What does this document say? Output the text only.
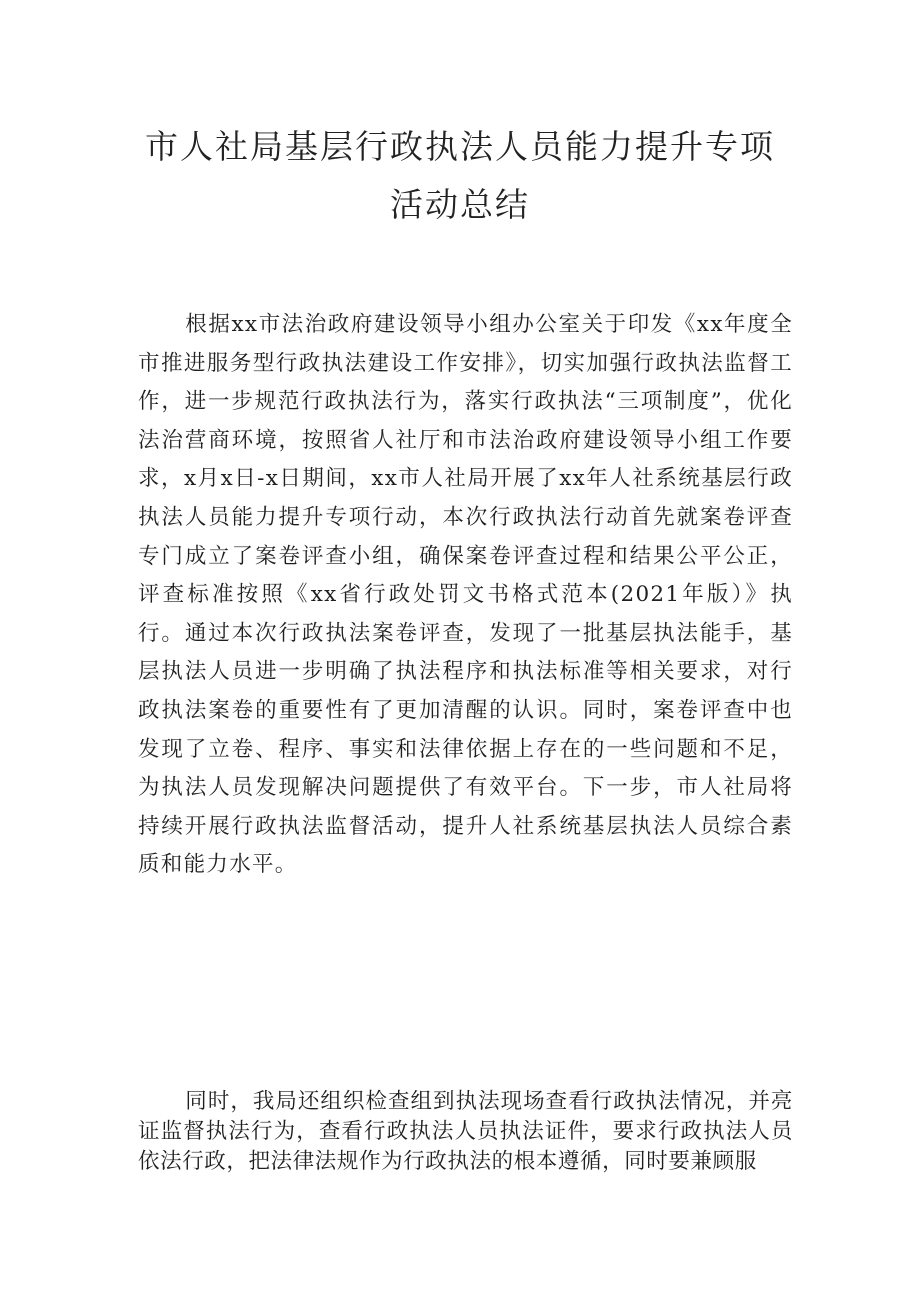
市人社局基层行政执法人员能力提升专项
活动总结

根据xx市法治政府建设领导小组办公室关于印发《xx年度全市推进服务型行政执法建设工作安排》，切实加强行政执法监督工作，进一步规范行政执法行为，落实行政执法“三项制度”，优化法治营商环境，按照省人社厅和市法治政府建设领导小组工作要求，x月x日-x日期间，xx市人社局开展了xx年人社系统基层行政执法人员能力提升专项行动，本次行政执法行动首先就案卷评查专门成立了案卷评查小组，确保案卷评查过程和结果公平公正，评查标准按照《xx省行政处罚文书格式范本(2021年版）》执行。通过本次行政执法案卷评查，发现了一批基层执法能手，基层执法人员进一步明确了执法程序和执法标准等相关要求，对行政执法案卷的重要性有了更加清醒的认识。同时，案卷评查中也发现了立卷、程序、事实和法律依据上存在的一些问题和不足，为执法人员发现解决问题提供了有效平台。下一步，市人社局将持续开展行政执法监督活动，提升人社系统基层执法人员综合素质和能力水平。

同时，我局还组织检查组到执法现场查看行政执法情况，并亮证监督执法行为，查看行政执法人员执法证件，要求行政执法人员依法行政，把法律法规作为行政执法的根本遵循，同时要兼顾服
